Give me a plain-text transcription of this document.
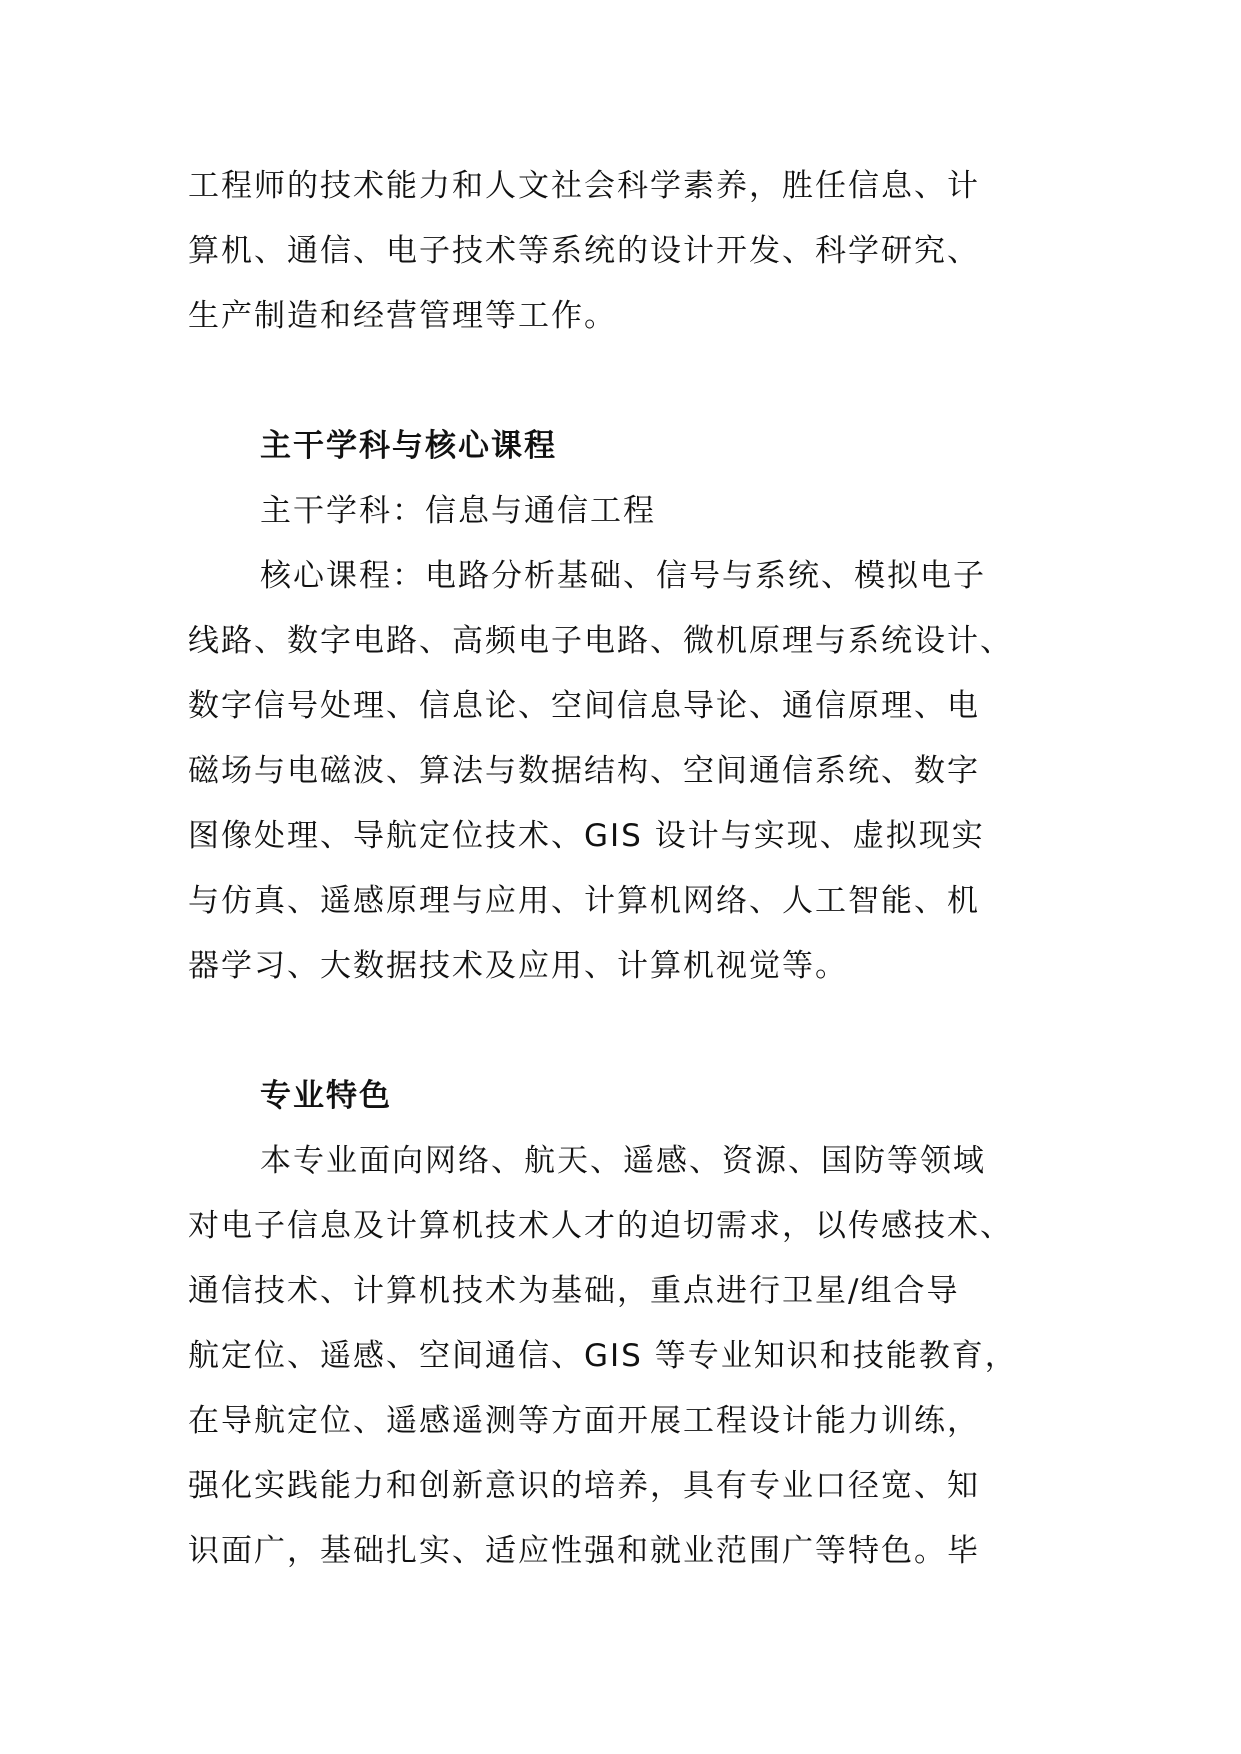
工程师的技术能力和人文社会科学素养，胜任信息、计

算机、通信、电子技术等系统的设计开发、科学研究、

生产制造和经营管理等工作。

主干学科与核心课程

主干学科：信息与通信工程

核心课程：电路分析基础、信号与系统、模拟电子

线路、数字电路、高频电子电路、微机原理与系统设计、

数字信号处理、信息论、空间信息导论、通信原理、电

磁场与电磁波、算法与数据结构、空间通信系统、数字

图像处理、导航定位技术、GIS 设计与实现、虚拟现实

与仿真、遥感原理与应用、计算机网络、人工智能、机

器学习、大数据技术及应用、计算机视觉等。

专业特色

本专业面向网络、航天、遥感、资源、国防等领域

对电子信息及计算机技术人才的迫切需求，以传感技术、

通信技术、计算机技术为基础，重点进行卫星/组合导

航定位、遥感、空间通信、GIS 等专业知识和技能教育，

在导航定位、遥感遥测等方面开展工程设计能力训练，

强化实践能力和创新意识的培养，具有专业口径宽、知

识面广，基础扎实、适应性强和就业范围广等特色。毕
